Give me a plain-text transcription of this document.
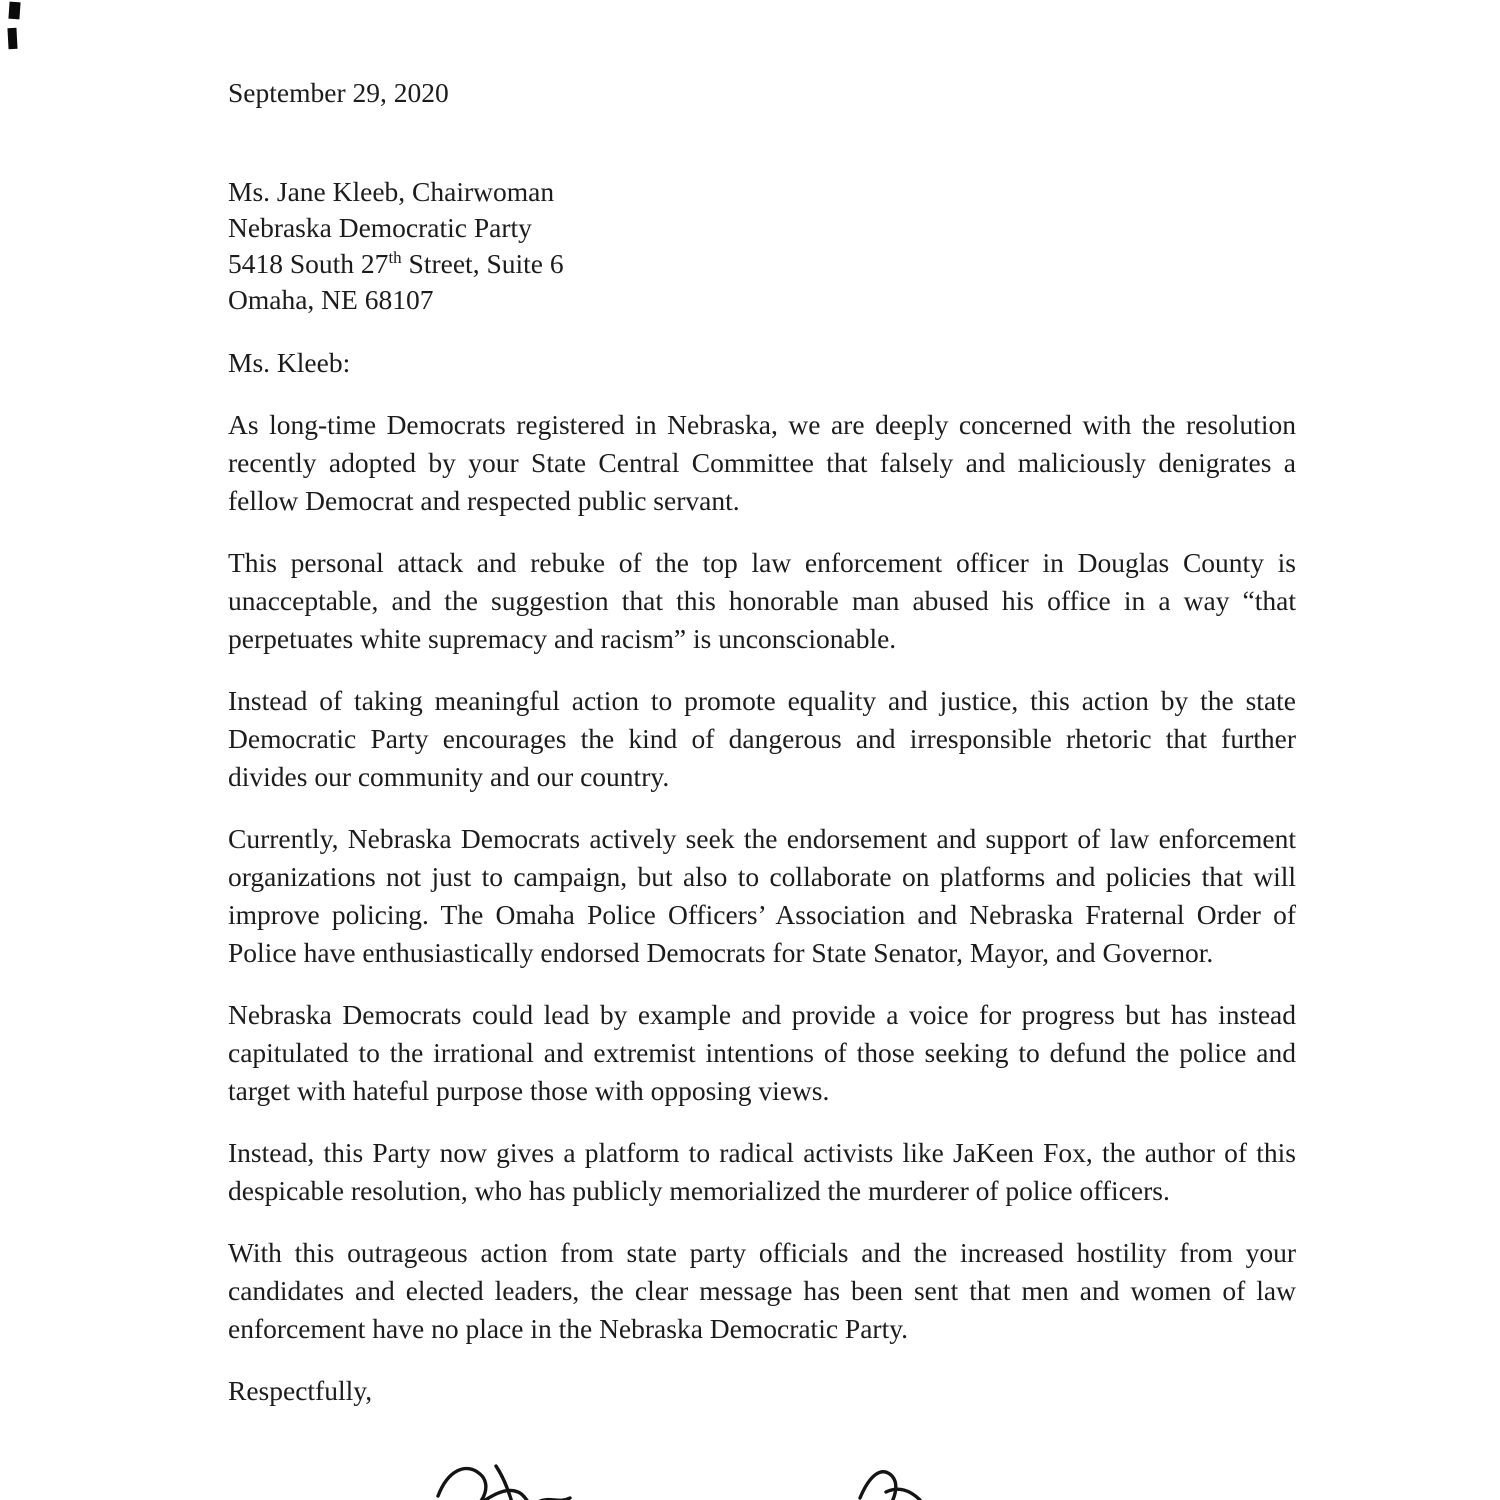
September 29, 2020
Ms. Jane Kleeb, Chairwoman
Nebraska Democratic Party
5418 South 27th Street, Suite 6
Omaha, NE 68107
Ms. Kleeb:
As long-time Democrats registered in Nebraska, we are deeply concerned with the resolution recently adopted by your State Central Committee that falsely and maliciously denigrates a fellow Democrat and respected public servant.
This personal attack and rebuke of the top law enforcement officer in Douglas County is unacceptable, and the suggestion that this honorable man abused his office in a way “that perpetuates white supremacy and racism” is unconscionable.
Instead of taking meaningful action to promote equality and justice, this action by the state Democratic Party encourages the kind of dangerous and irresponsible rhetoric that further divides our community and our country.
Currently, Nebraska Democrats actively seek the endorsement and support of law enforcement organizations not just to campaign, but also to collaborate on platforms and policies that will improve policing. The Omaha Police Officers’ Association and Nebraska Fraternal Order of Police have enthusiastically endorsed Democrats for State Senator, Mayor, and Governor.
Nebraska Democrats could lead by example and provide a voice for progress but has instead capitulated to the irrational and extremist intentions of those seeking to defund the police and target with hateful purpose those with opposing views.
Instead, this Party now gives a platform to radical activists like JaKeen Fox, the author of this despicable resolution, who has publicly memorialized the murderer of police officers.
With this outrageous action from state party officials and the increased hostility from your candidates and elected leaders, the clear message has been sent that men and women of law enforcement have no place in the Nebraska Democratic Party.
Respectfully,
